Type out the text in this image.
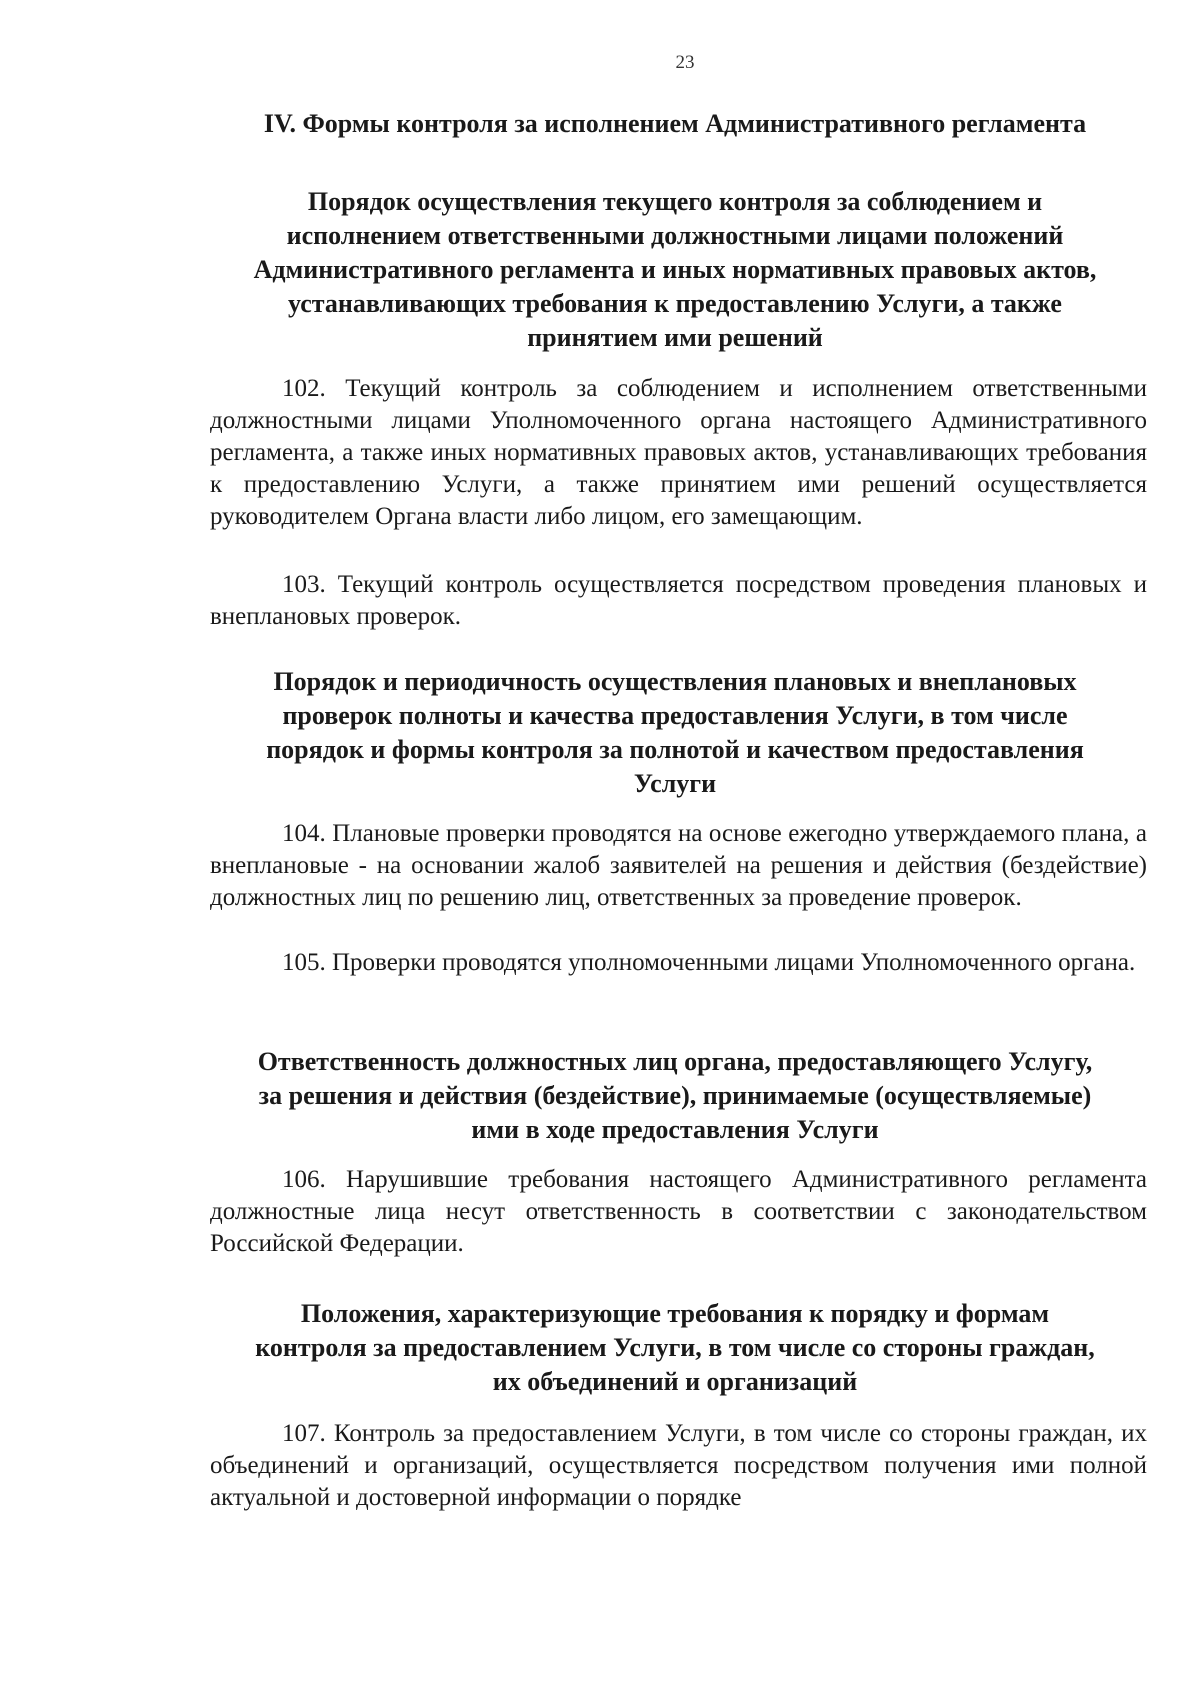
23
IV. Формы контроля за исполнением Административного регламента
Порядок осуществления текущего контроля за соблюдением и
исполнением ответственными должностными лицами положений
Административного регламента и иных нормативных правовых актов,
устанавливающих требования к предоставлению Услуги, а также
принятием ими решений

102. Текущий контроль за соблюдением и исполнением ответственными должностными лицами Уполномоченного органа настоящего Административного регламента, а также иных нормативных правовых актов, устанавливающих требования к предоставлению Услуги, а также принятием ими решений осуществляется руководителем Органа власти либо лицом, его замещающим.

103. Текущий контроль осуществляется посредством проведения плановых и внеплановых проверок.

Порядок и периодичность осуществления плановых и внеплановых
проверок полноты и качества предоставления Услуги, в том числе
порядок и формы контроля за полнотой и качеством предоставления
Услуги

104. Плановые проверки проводятся на основе ежегодно утверждаемого плана, а внеплановые - на основании жалоб заявителей на решения и действия (бездействие) должностных лиц по решению лиц, ответственных за проведение проверок.

105. Проверки проводятся уполномоченными лицами Уполномоченного органа.

Ответственность должностных лиц органа, предоставляющего Услугу,
за решения и действия (бездействие), принимаемые (осуществляемые)
ими в ходе предоставления Услуги

106. Нарушившие требования настоящего Административного регламента должностные лица несут ответственность в соответствии с законодательством Российской Федерации.

Положения, характеризующие требования к порядку и формам
контроля за предоставлением Услуги, в том числе со стороны граждан,
их объединений и организаций

107. Контроль за предоставлением Услуги, в том числе со стороны граждан, их объединений и организаций, осуществляется посредством получения ими полной актуальной и достоверной информации о порядке
